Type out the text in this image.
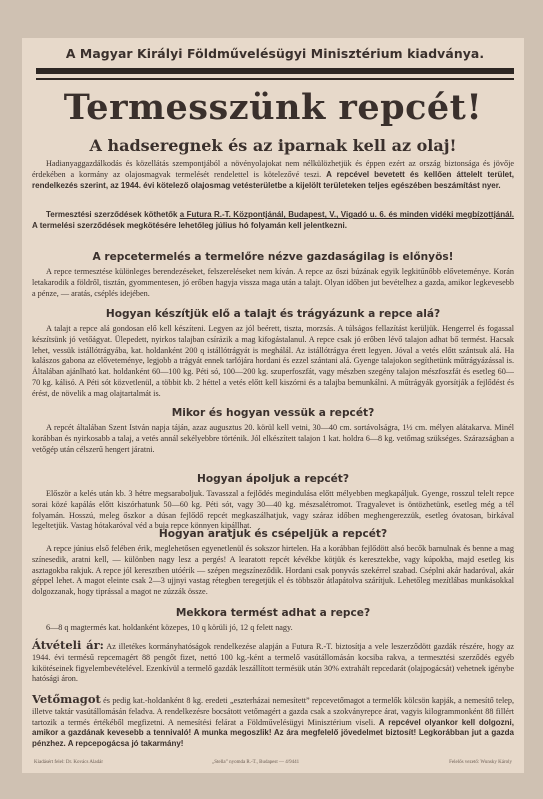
A Magyar Királyi Földművelésügyi Minisztérium kiadványa.
Termesszünk repcét!
A hadseregnek és az iparnak kell az olaj!
Hadianyaggazdálkodás és közellátás szempontjából a növényolajokat nem nélkülözhetjük és éppen ezért az ország biztonsága és jövője érdekében a kormány az olajosmagvak termelését rendelettel is kötelezővé teszi. A repcével bevetett és kellően áttelelt terület, rendelkezés szerint, az 1944. évi kötelező olajosmag vetésterületbe a kijelölt területeken teljes egészében beszámítást nyer.
Termesztési szerződések köthetők a Futura R.-T. Központjánál, Budapest, V., Vigadó u. 6. és minden vidéki megbízottjánál. A termelési szerződések megkötésére lehetőleg július hó folyamán kell jelentkezni.
A repcetermelés a termelőre nézve gazdaságilag is előnyös!
A repce termesztése különleges berendezéseket, felszereléseket nem kíván. A repce az őszi búzának egyik legkitűnőbb előveteménye. Korán letakarodik a földről, tisztán, gyommentesen, jó erőben hagyja vissza maga után a talajt. Olyan időben jut bevételhez a gazda, amikor legkevesebb a pénze, — aratás, cséplés idejében.
Hogyan készítjük elő a talajt és trágyázunk a repce alá?
A talajt a repce alá gondosan elő kell készíteni. Legyen az jól beérett, tiszta, morzsás. A túlságos fellazítást kerüljük. Hengerrel és fogassal készítsünk jó vetőágyat. Ülepedett, nyirkos talajban csírázik a mag kifogástalanul. A repce csak jó erőben lévő talajon adhat bő termést. Hacsak lehet, vessük istállótrágyába, kat. holdanként 200 q istállótrágyát is meghálál. Az istállótrágya érett legyen. Jóval a vetés előtt szántsuk alá. Ha kalászos gabona az előveteménye, legjobb a trágyát ennek tarlójára hordani és ezzel szántani alá. Gyenge talajokon segíthetünk műtrágyázással is. Általában ajánlható kat. holdanként 60—100 kg. Péti só, 100—200 kg. szuperfoszfát, vagy mészben szegény talajon mészfoszfát és esetleg 60—70 kg. kálisó. A Péti sót közvetlenül, a többit kb. 2 héttel a vetés előtt kell kiszórni és a talajba bemunkálni. A műtrágyák gyorsítják a fejlődést és érést, de növelik a mag olajtartalmát is.
Mikor és hogyan vessük a repcét?
A repcét általában Szent István napja táján, azaz augusztus 20. körül kell vetni, 30—40 cm. sortávolságra, 1½ cm. mélyen alátakarva. Minél korábban és nyirkosabb a talaj, a vetés annál sekélyebbre történik. Jól elkészített talajon 1 kat. holdra 6—8 kg. vetőmag szükséges. Szárazságban a vetőgép után célszerű hengert járatni.
Hogyan ápoljuk a repcét?
Először a kelés után kb. 3 hétre megsaraboljuk. Tavasszal a fejlődés megindulása előtt mélyebben megkapáljuk. Gyenge, rosszul telelt repce sorai közé kapálás előtt kiszórhatunk 50—60 kg. Péti sót, vagy 30—40 kg. mészsalétromot. Tragyalevet is öntözhetünk, esetleg még a tél folyamán. Hosszú, meleg őszkor a dúsan fejlődő repcét megkaszálhatjuk, vagy száraz időben meghengerezzük, esetleg óvatosan, birkával legeltetjük. Vastag hótakaróval véd a buja repce könnyen kipállhat.
Hogyan aratjuk és csépeljük a repcét?
A repce június első felében érik, meglehetősen egyenetlenül és sokszor hirtelen. Ha a korábban fejlődött alsó becők barnulnak és benne a mag színesedik, aratni kell, — különben nagy lesz a pergés! A learatott repcét kévékbe kötjük és keresztekbe, vagy kúpokba, majd esetleg kis asztagokba rakjuk. A repce jól keresztben utóérik — szépen megszíneződik. Hordani csak ponyvás szekérrel szabad. Cséplni akár hadaróval, akár géppel lehet. A magot eleinte csak 2—3 ujjnyi vastag rétegben teregetjük el és többször átlapátolva szárítjuk. Lehetőleg mezítlábas munkásokkal dolgozzanak, hogy tiprással a magot ne zúzzák össze.
Mekkora termést adhat a repce?
6—8 q magtermés kat. holdanként közepes, 10 q körüli jó, 12 q felett nagy.
Átvételi ár: Az illetékes kormányhatóságok rendelkezése alapján a Futura R.-T. biztosítja a vele leszerződött gazdák részére, hogy az 1944. évi termésű repcemagért 88 pengőt fizet, nettó 100 kg.-ként a termelő vasútállomásán kocsiba rakva, a termesztési szerződés egyéb kikötéseinek figyelembevételével. Ezenkívül a termelő gazdák leszállított termésük után 30% extrahált repcedarát (olajpogácsát) vehetnek igénybe hatósági áron.
Vetőmagot és pedig kat.-holdanként 8 kg. eredeti „eszterházai nemesített” repcevetőmagot a termelők kölcsön kapják, a nemesítő telep, illetve taktár vasútállomásán feladva. A rendelkezésre bocsátott vetőmagért a gazda csak a szokványrepce árat, vagyis kilogrammonként 88 fillért tartozik a termés értékéből megfizetni. A nemesítési felárat a Földművelésügyi Minisztérium viseli. A repcével olyankor kell dolgozni, amikor a gazdának kevesebb a tennivaló! A munka megoszlik! Az ára megfelelő jövedelmet biztosít! Legkorábban jut a gazda pénzhez. A repcepogácsa jó takarmány!
Kiadásért felel: Dr. Kovács Aladár	„Stella” nyomda R.-T., Budapest — 4/9441	Felelős vezető: Wunsky Károly
